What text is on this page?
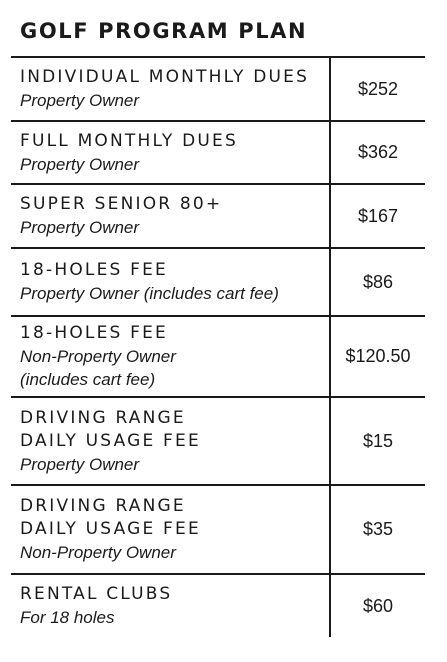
GOLF PROGRAM PLAN
INDIVIDUAL MONTHLY DUES
Property Owner
$252
FULL MONTHLY DUES
Property Owner
$362
SUPER SENIOR 80+
Property Owner
$167
18-HOLES FEE
Property Owner (includes cart fee)
$86
18-HOLES FEE
Non-Property Owner
(includes cart fee)
$120.50
DRIVING RANGE
DAILY USAGE FEE
Property Owner
$15
DRIVING RANGE
DAILY USAGE FEE
Non-Property Owner
$35
RENTAL CLUBS
For 18 holes
$60
